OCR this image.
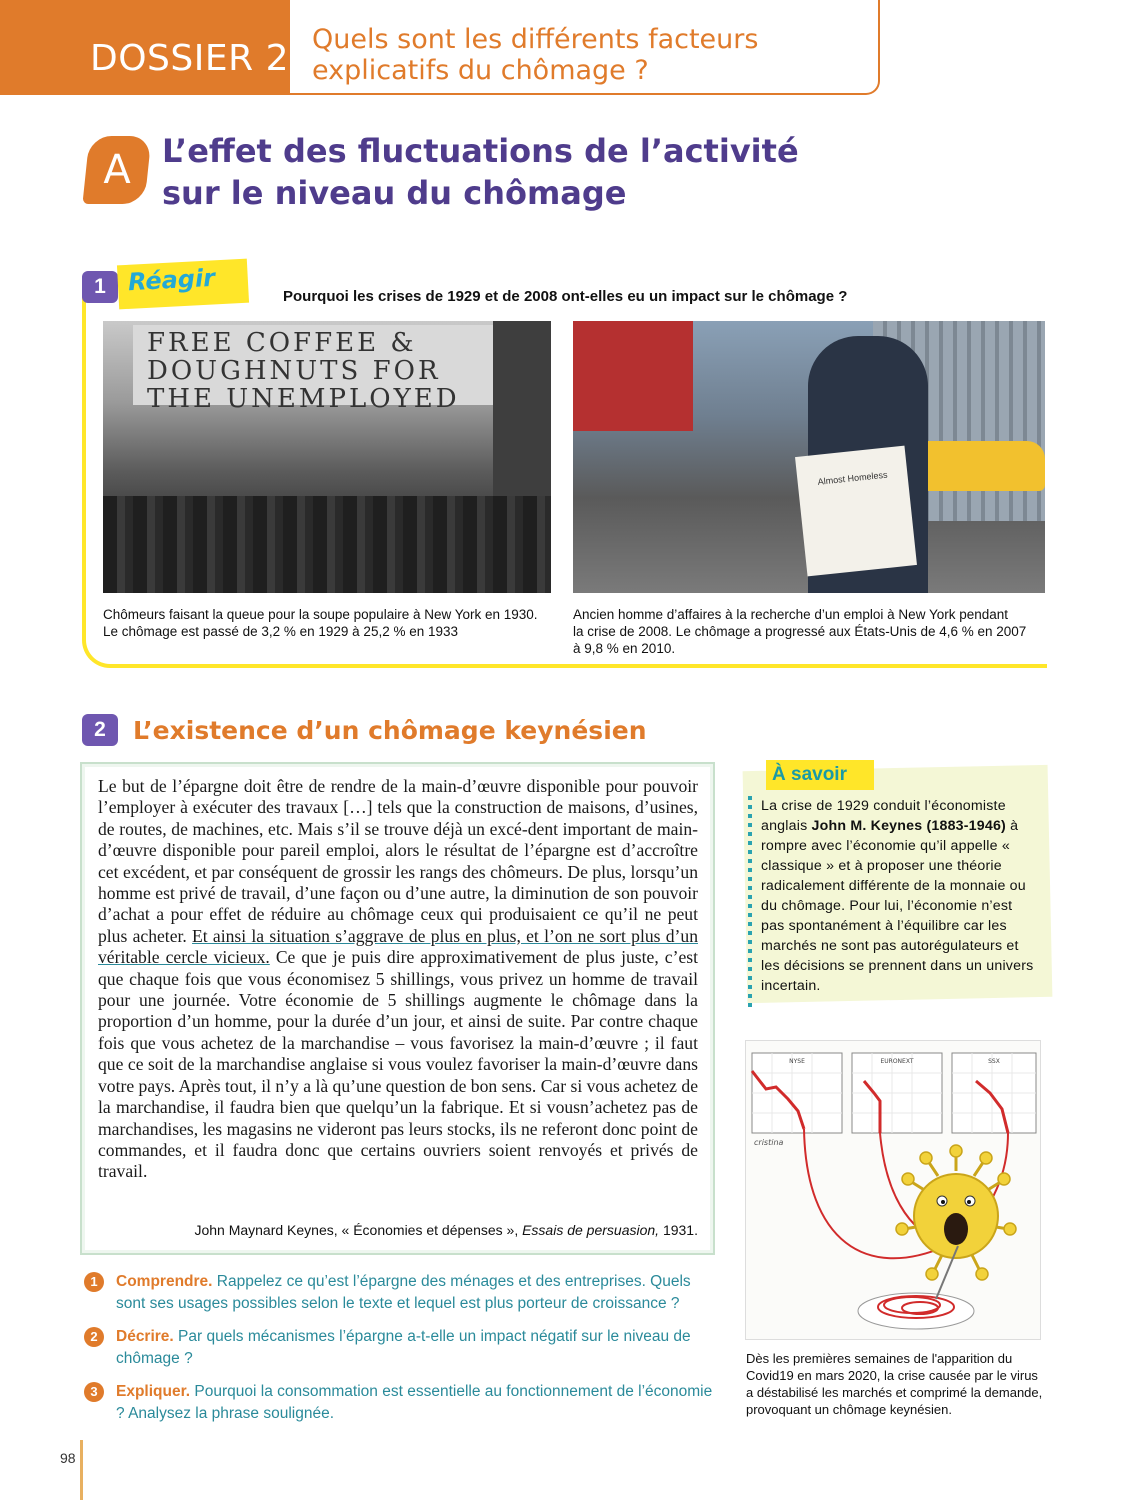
DOSSIER 2 Quels sont les différents facteurs explicatifs du chômage ?
A L’effet des fluctuations de l’activité
sur le niveau du chômage
1 Réagir
Pourquoi les crises de 1929 et de 2008 ont-elles eu un impact sur le chômage ?
FREE COFFEE & DOUGHNUTS FOR THE UNEMPLOYED
Almost Homeless
Chômeurs faisant la queue pour la soupe populaire à New York en 1930.
Le chômage est passé de 3,2 % en 1929 à 25,2 % en 1933
Ancien homme d’affaires à la recherche d’un emploi à New York pendant
la crise de 2008. Le chômage a progressé aux États-Unis de 4,6 % en 2007
à 9,8 % en 2010.
2	L’existence d’un chômage keynésien
Le but de l’épargne doit être de rendre de la main-d’œuvre disponible pour pouvoir l’employer à exécuter des travaux […] tels que la construction de maisons, d’usines, de routes, de machines, etc. Mais s’il se trouve déjà un excé-dent important de main-d’œuvre disponible pour pareil emploi, alors le résultat de l’épargne est d’accroître cet excédent, et par conséquent de grossir les rangs des chômeurs. De plus, lorsqu’un homme est privé de travail, d’une façon ou d’une autre, la diminution de son pouvoir d’achat a pour effet de réduire au chômage ceux qui produisaient ce qu’il ne peut plus acheter. Et ainsi la situation s’aggrave de plus en plus, et l’on ne sort plus d’un véritable cercle vicieux. Ce que je puis dire approximativement de plus juste, c’est que chaque fois que vous économisez 5 shillings, vous privez un homme de travail pour une journée. Votre économie de 5 shillings augmente le chômage dans la proportion d’un homme, pour la durée d’un jour, et ainsi de suite. Par contre chaque fois que vous achetez de la marchandise – vous favorisez la main-d’œuvre ; il faut que ce soit de la marchandise anglaise si vous voulez favoriser la main-d’œuvre dans votre pays. Après tout, il n’y a là qu’une question de bon sens. Car si vous achetez de la marchandise, il faudra bien que quelqu’un la fabrique. Et si vousn’achetez pas de marchandises, les magasins ne videront pas leurs stocks, ils ne referont donc point de commandes, et il faudra donc que certains ouvriers soient renvoyés et privés de travail.
John Maynard Keynes, « Économies et dépenses », Essais de persuasion, 1931.
1	Comprendre. Rappelez ce qu’est l’épargne des ménages et des entreprises. Quels sont ses usages possibles selon le texte et lequel est plus porteur de croissance ?
2	Décrire. Par quels mécanismes l’épargne a-t-elle un impact négatif sur le niveau de chômage ?
3	Expliquer. Pourquoi la consommation est essentielle au fonctionnement de l’économie ? Analysez la phrase soulignée.
À savoir
La crise de 1929 conduit l’économiste anglais John M. Keynes (1883-1946) à rompre avec l’économie qu’il appelle « classique » et à proposer une théorie radicalement différente de la monnaie ou du chômage. Pour lui, l’économie n’est pas spontanément à l’équilibre car les marchés ne sont pas autorégulateurs et les décisions se prennent dans un univers incertain.
NYSE	EURONEXT	SSX
cristina
Dès les premières semaines de l'apparition du Covid19 en mars 2020, la crise causée par le virus a déstabilisé les marchés et comprimé la demande, provoquant un chômage keynésien.
98
